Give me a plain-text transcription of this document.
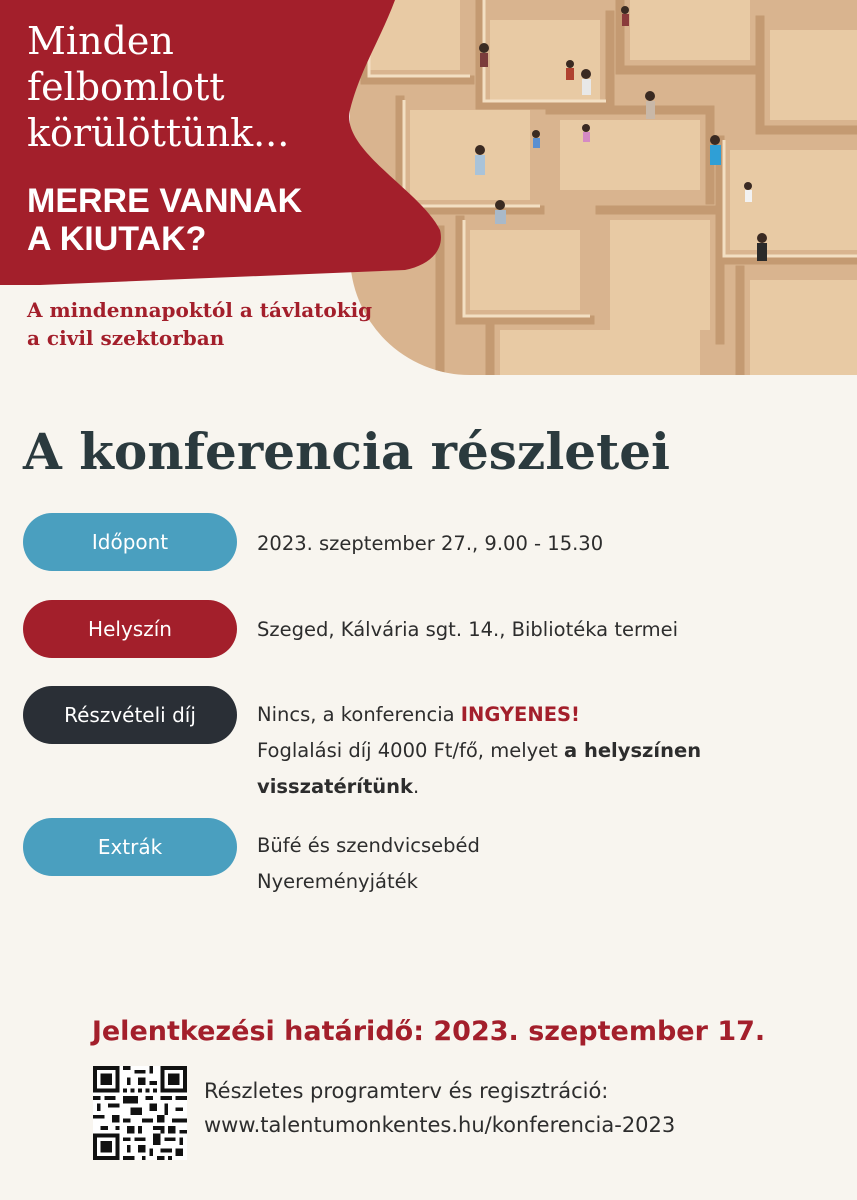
Minden
felbomlott
körülöttünk...
MERRE VANNAK
A KIUTAK?
A mindennapoktól a távlatokig
a civil szektorban
A konferencia részletei
Időpont	2023. szeptember 27., 9.00 - 15.30
Helyszín	Szeged, Kálvária sgt. 14., Bibliotéka termei
Részvételi díj	Nincs, a konferencia INGYENES!
Foglalási díj 4000 Ft/fő, melyet a helyszínen
visszatérítünk.
Extrák	Büfé és szendvicsebéd
Nyereményjáték
Jelentkezési határidő: 2023. szeptember 17.
Részletes programterv és regisztráció:
www.talentumonkentes.hu/konferencia-2023
